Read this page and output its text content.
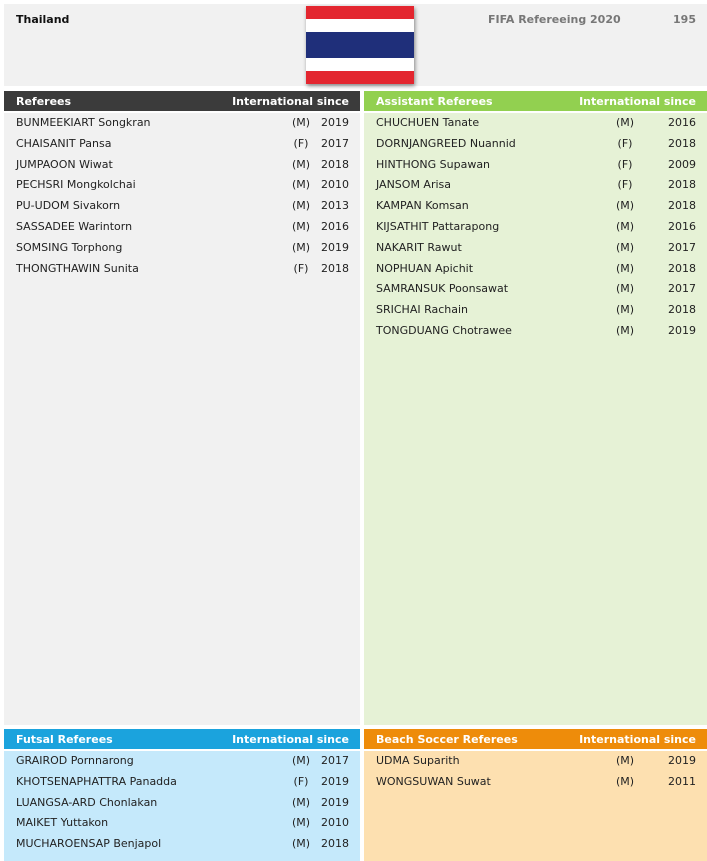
Thailand	FIFA Refereeing 2020	195
Referees	International since
BUNMEEKIART Songkran	(M) 2019
CHAISANIT Pansa	(F)	2017
JUMPAOON Wiwat	(M) 2018
PECHSRI Mongkolchai	(M) 2010
PU-UDOM Sivakorn	(M) 2013
SASSADEE Warintorn	(M) 2016
SOMSING Torphong	(M) 2019
THONGTHAWIN Sunita	(F)	2018
Assistant Referees	International since
CHUCHUEN Tanate	(M)	2016
DORNJANGREED Nuannid	(F)	2018
HINTHONG Supawan	(F)	2009
JANSOM Arisa	(F)	2018
KAMPAN Komsan	(M)	2018
KIJSATHIT Pattarapong	(M)	2016
NAKARIT Rawut	(M)	2017
NOPHUAN Apichit	(M)	2018
SAMRANSUK Poonsawat	(M)	2017
SRICHAI Rachain	(M)	2018
TONGDUANG Chotrawee	(M)	2019
Futsal Referees	International since
GRAIROD Pornnarong	(M) 2017
KHOTSENAPHATTRA Panadda	(F)	2019
LUANGSA-ARD Chonlakan	(M) 2019
MAIKET Yuttakon	(M) 2010
MUCHAROENSAP Benjapol	(M) 2018
Beach Soccer Referees	International since
UDMA Suparith	(M)	2019
WONGSUWAN Suwat	(M)	2011
